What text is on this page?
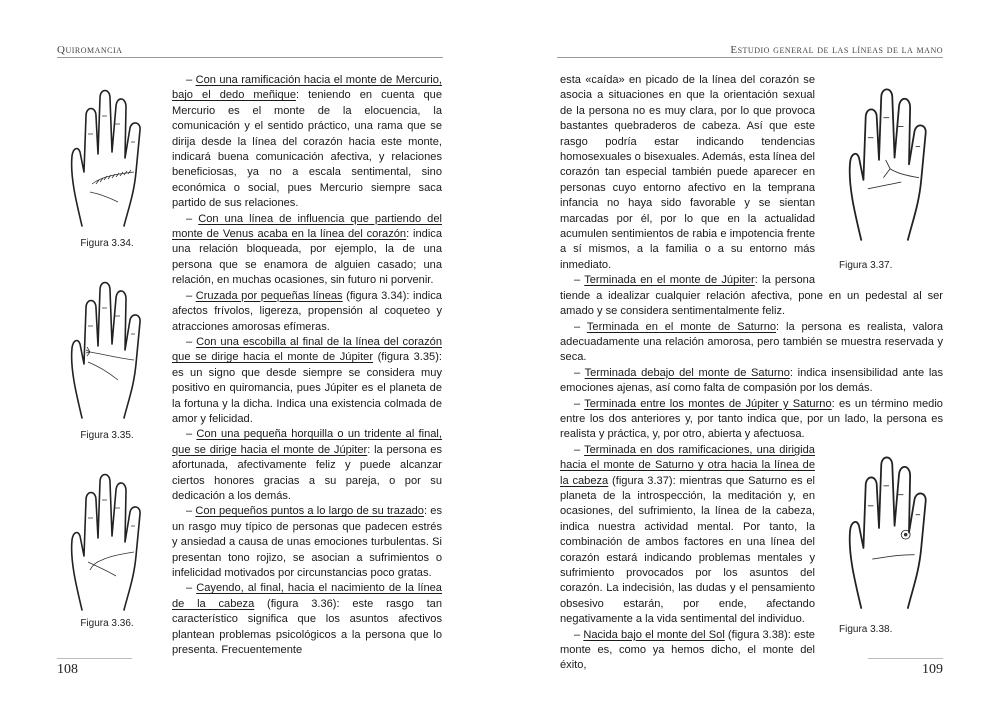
Quiromancia
Figura 3.34.
Figura 3.35.
Figura 3.36.

– Con una ramificación hacia el monte de Mercurio, bajo el dedo meñique: teniendo en cuenta que Mercurio es el monte de la elocuencia, la comunicación y el sentido práctico, una rama que se dirija desde la línea del corazón hacia este monte, indicará buena comunicación afectiva, y relaciones beneficiosas, ya no a escala sentimental, sino económica o social, pues Mercurio siempre saca partido de sus relaciones.

– Con una línea de influencia que partiendo del monte de Venus acaba en la línea del corazón: indica una relación bloqueada, por ejemplo, la de una persona que se enamora de alguien casado; una relación, en muchas ocasiones, sin futuro ni porvenir.

– Cruzada por pequeñas líneas (figura 3.34): indica afectos frívolos, ligereza, propensión al coqueteo y atracciones amorosas efímeras.

– Con una escobilla al final de la línea del corazón que se dirige hacia el monte de Júpiter (figura 3.35): es un signo que desde siempre se considera muy positivo en quiromancia, pues Júpiter es el planeta de la fortuna y la dicha. Indica una existencia colmada de amor y felicidad.

– Con una pequeña horquilla o un tridente al final, que se dirige hacia el monte de Júpiter: la persona es afortunada, afectivamente feliz y puede alcanzar ciertos honores gracias a su pareja, o por su dedicación a los demás.

– Con pequeños puntos a lo largo de su trazado: es un rasgo muy típico de personas que padecen estrés y ansiedad a causa de unas emociones turbulentas. Si presentan tono rojizo, se asocian a sufrimientos o infelicidad motivados por circunstancias poco gratas.

– Cayendo, al final, hacia el nacimiento de la línea de la cabeza (figura 3.36): este rasgo tan característico significa que los asuntos afectivos plantean problemas psicológicos a la persona que lo presenta. Frecuentemente

108
Estudio general de las líneas de la mano
Figura 3.37.

esta «caída» en picado de la línea del corazón se asocia a situaciones en que la orientación sexual de la persona no es muy clara, por lo que provoca bastantes quebraderos de cabeza. Así que este rasgo podría estar indicando tendencias homosexuales o bisexuales. Además, esta línea del corazón tan especial también puede aparecer en personas cuyo entorno afectivo en la temprana infancia no haya sido favorable y se sientan marcadas por él, por lo que en la actualidad acumulen sentimientos de rabia e impotencia frente a sí mismos, a la familia o a su entorno más inmediato.

– Terminada en el monte de Júpiter: la persona tiende a idealizar cualquier relación afectiva, pone en un pedestal al ser amado y se considera sentimentalmente feliz.

– Terminada en el monte de Saturno: la persona es realista, valora adecuadamente una relación amorosa, pero también se muestra reservada y seca.

– Terminada debajo del monte de Saturno: indica insensibilidad ante las emociones ajenas, así como falta de compasión por los demás.

– Terminada entre los montes de Júpiter y Saturno: es un término medio entre los dos anteriores y, por tanto indica que, por un lado, la persona es realista y práctica, y, por otro, abierta y afectuosa.

Figura 3.38.

– Terminada en dos ramificaciones, una dirigida hacia el monte de Saturno y otra hacia la línea de la cabeza (figura 3.37): mientras que Saturno es el planeta de la introspección, la meditación y, en ocasiones, del sufrimiento, la línea de la cabeza, indica nuestra actividad mental. Por tanto, la combinación de ambos factores en una línea del corazón estará indicando problemas mentales y sufrimiento provocados por los asuntos del corazón. La indecisión, las dudas y el pensamiento obsesivo estarán, por ende, afectando negativamente a la vida sentimental del individuo.

– Nacida bajo el monte del Sol (figura 3.38): este monte es, como ya hemos dicho, el monte del éxito,	109
